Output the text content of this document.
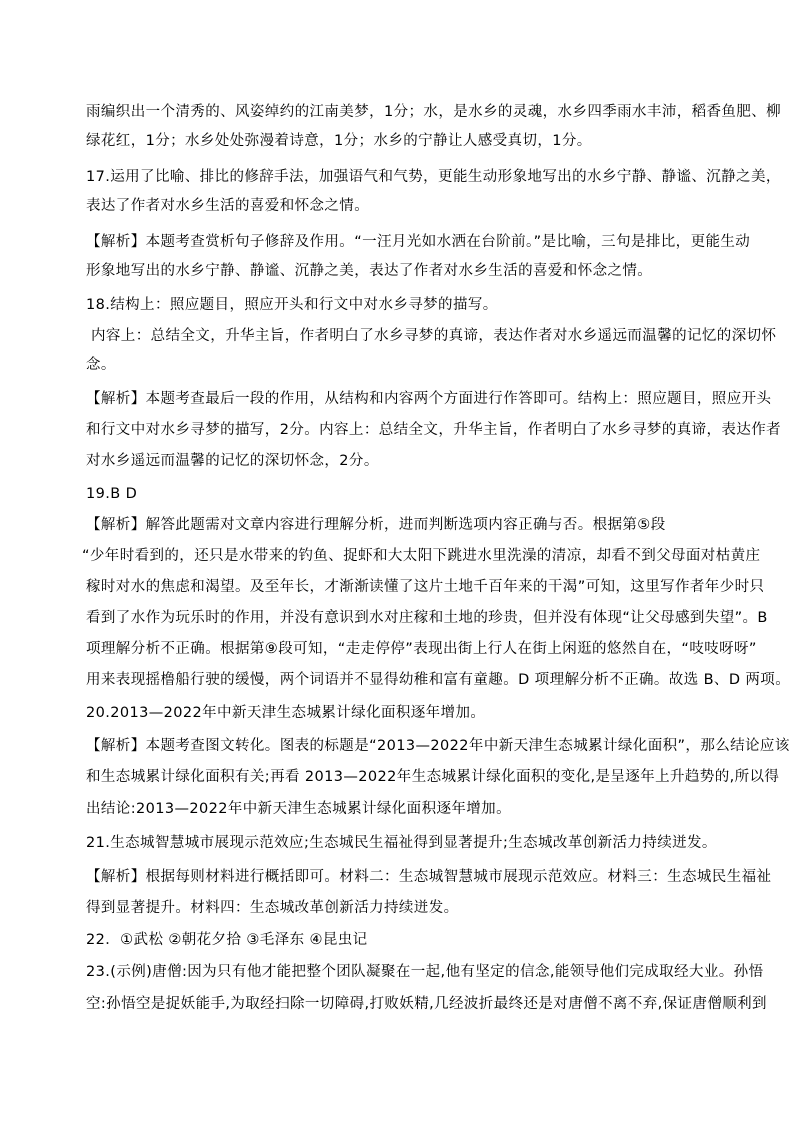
雨编织出一个清秀的、风姿绰约的江南美梦，1分；水，是水乡的灵魂，水乡四季雨水丰沛，稻香鱼肥、柳
绿花红，1分；水乡处处弥漫着诗意，1分；水乡的宁静让人感受真切，1分。
17.运用了比喻、排比的修辞手法，加强语气和气势，更能生动形象地写出的水乡宁静、静谧、沉静之美，
表达了作者对水乡生活的喜爱和怀念之情。
【解析】本题考查赏析句子修辞及作用。“一汪月光如水洒在台阶前。”是比喻，三句是排比，更能生动
形象地写出的水乡宁静、静谧、沉静之美，表达了作者对水乡生活的喜爱和怀念之情。
18.结构上：照应题目，照应开头和行文中对水乡寻梦的描写。
内容上：总结全文，升华主旨，作者明白了水乡寻梦的真谛，表达作者对水乡遥远而温馨的记忆的深切怀
念。
【解析】本题考查最后一段的作用，从结构和内容两个方面进行作答即可。结构上：照应题目，照应开头
和行文中对水乡寻梦的描写，2分。内容上：总结全文，升华主旨，作者明白了水乡寻梦的真谛，表达作者
对水乡遥远而温馨的记忆的深切怀念，2分。
19.B D
【解析】解答此题需对文章内容进行理解分析，进而判断选项内容正确与否。根据第⑤段
“少年时看到的，还只是水带来的钓鱼、捉虾和大太阳下跳进水里洗澡的清凉，却看不到父母面对枯黄庄
稼时对水的焦虑和渴望。及至年长，才渐渐读懂了这片土地千百年来的干渴”可知，这里写作者年少时只
看到了水作为玩乐时的作用，并没有意识到水对庄稼和土地的珍贵，但并没有体现“让父母感到失望”。B
项理解分析不正确。根据第⑨段可知，“走走停停”表现出街上行人在街上闲逛的悠然自在，“吱吱呀呀”
用来表现摇橹船行驶的缓慢，两个词语并不显得幼稚和富有童趣。D 项理解分析不正确。故选 B、D 两项。
20.2013—2022年中新天津生态城累计绿化面积逐年增加。
【解析】本题考查图文转化。图表的标题是“2013—2022年中新天津生态城累计绿化面积”，那么结论应该
和生态城累计绿化面积有关;再看 2013—2022年生态城累计绿化面积的变化,是呈逐年上升趋势的,所以得
出结论:2013—2022年中新天津生态城累计绿化面积逐年增加。
21.生态城智慧城市展现示范效应;生态城民生福祉得到显著提升;生态城改革创新活力持续迸发。
【解析】根据每则材料进行概括即可。材料二：生态城智慧城市展现示范效应。材料三：生态城民生福祉
得到显著提升。材料四：生态城改革创新活力持续迸发。
22．①武松 ②朝花夕拾 ③毛泽东 ④昆虫记
23.(示例)唐僧:因为只有他才能把整个团队凝聚在一起,他有坚定的信念,能领导他们完成取经大业。孙悟
空:孙悟空是捉妖能手,为取经扫除一切障碍,打败妖精,几经波折最终还是对唐僧不离不弃,保证唐僧顺利到
